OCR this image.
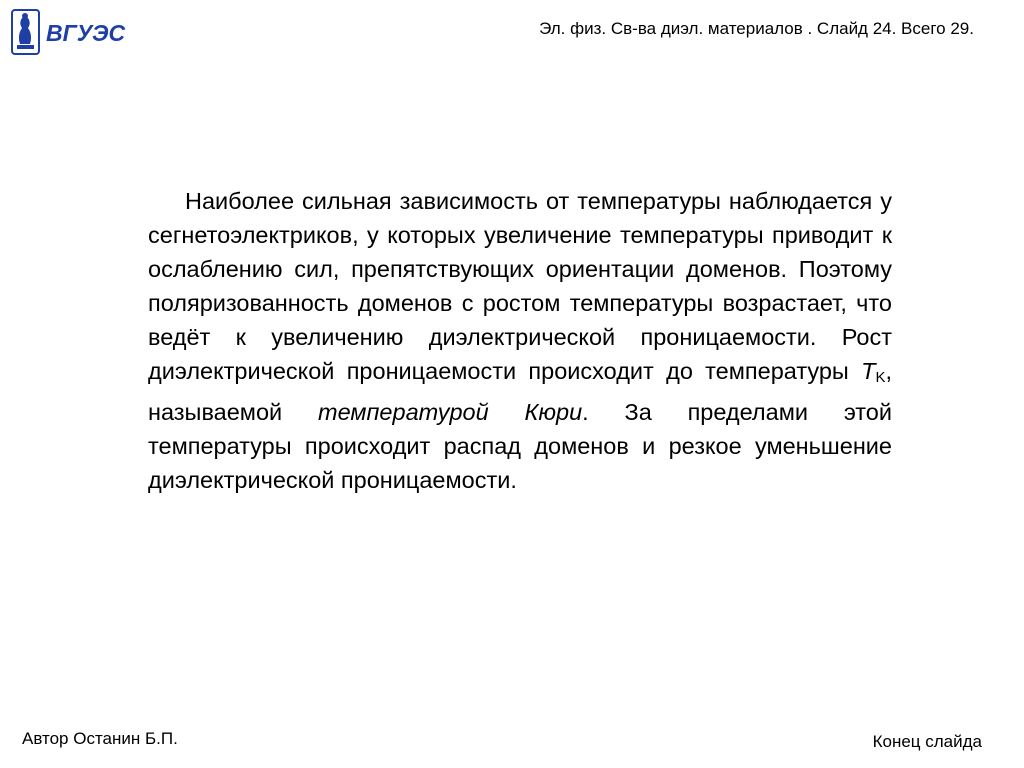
ВГУЭС	Эл. физ. Св-ва диэл. материалов . Слайд 24. Всего 29.

Наиболее сильная зависимость от температуры наблюдается у сегнетоэлектриков, у которых увеличение температуры приводит к ослаблению сил, препятствующих ориентации доменов. Поэтому поляризованность доменов с ростом температуры возрастает, что ведёт к увеличению диэлектрической проницаемости. Рост диэлектрической проницаемости происходит до температуры $T_K$, называемой температурой Кюри. За пределами этой температуры происходит распад доменов и резкое уменьшение диэлектрической проницаемости.

Автор Останин Б.П.	Конец слайда
